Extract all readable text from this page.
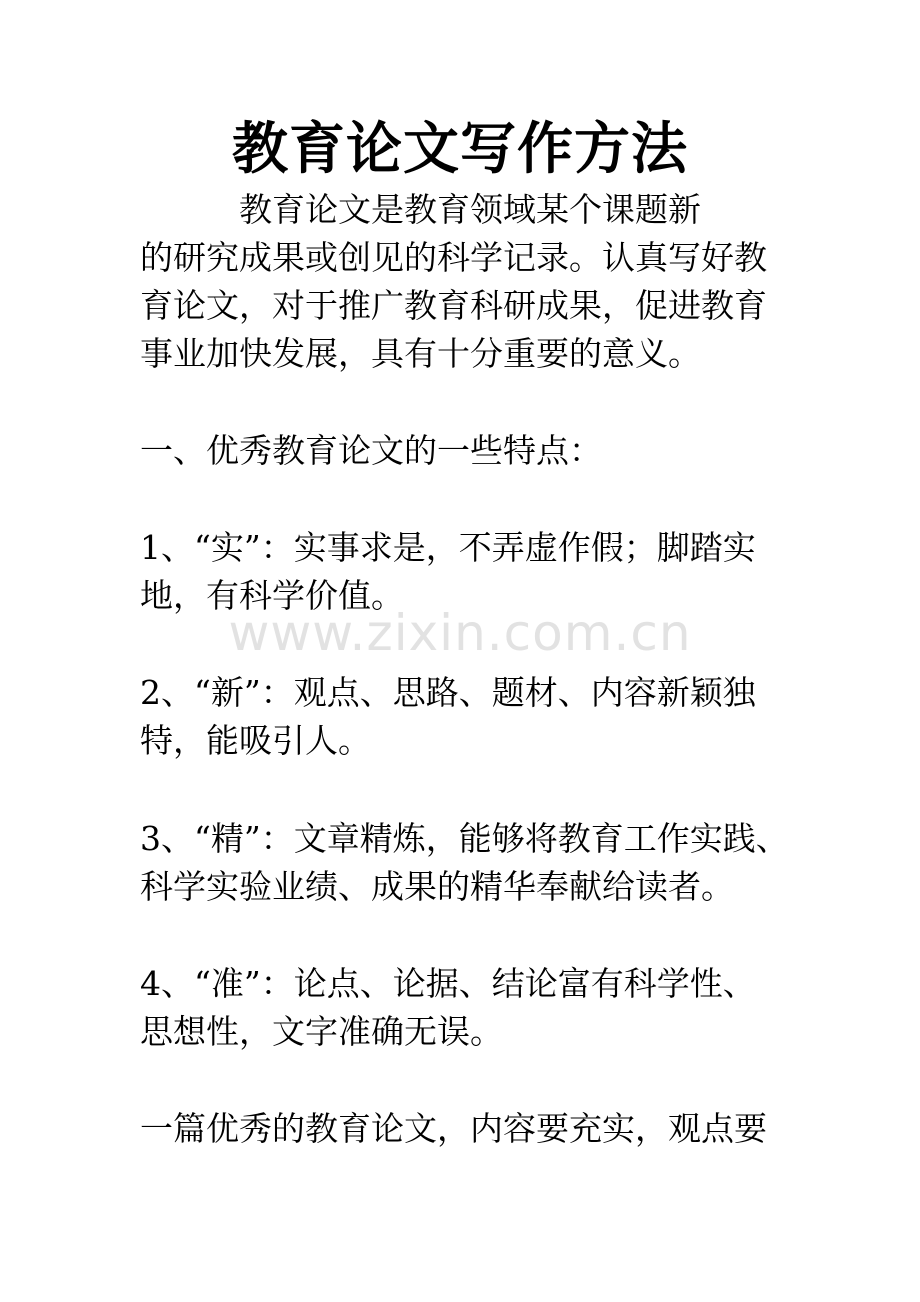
教育论文写作方法
　　　教育论文是教育领域某个课题新
的研究成果或创见的科学记录。认真写好教
育论文，对于推广教育科研成果，促进教育
事业加快发展，具有十分重要的意义。
一、优秀教育论文的一些特点：
1、“实”：实事求是，不弄虚作假；脚踏实
地，有科学价值。
2、“新”：观点、思路、题材、内容新颖独
特，能吸引人。
3、“精”：文章精炼，能够将教育工作实践、
科学实验业绩、成果的精华奉献给读者。
4、“准”：论点、论据、结论富有科学性、
思想性，文字准确无误。
一篇优秀的教育论文，内容要充实，观点要
www.zixin.com.cn
